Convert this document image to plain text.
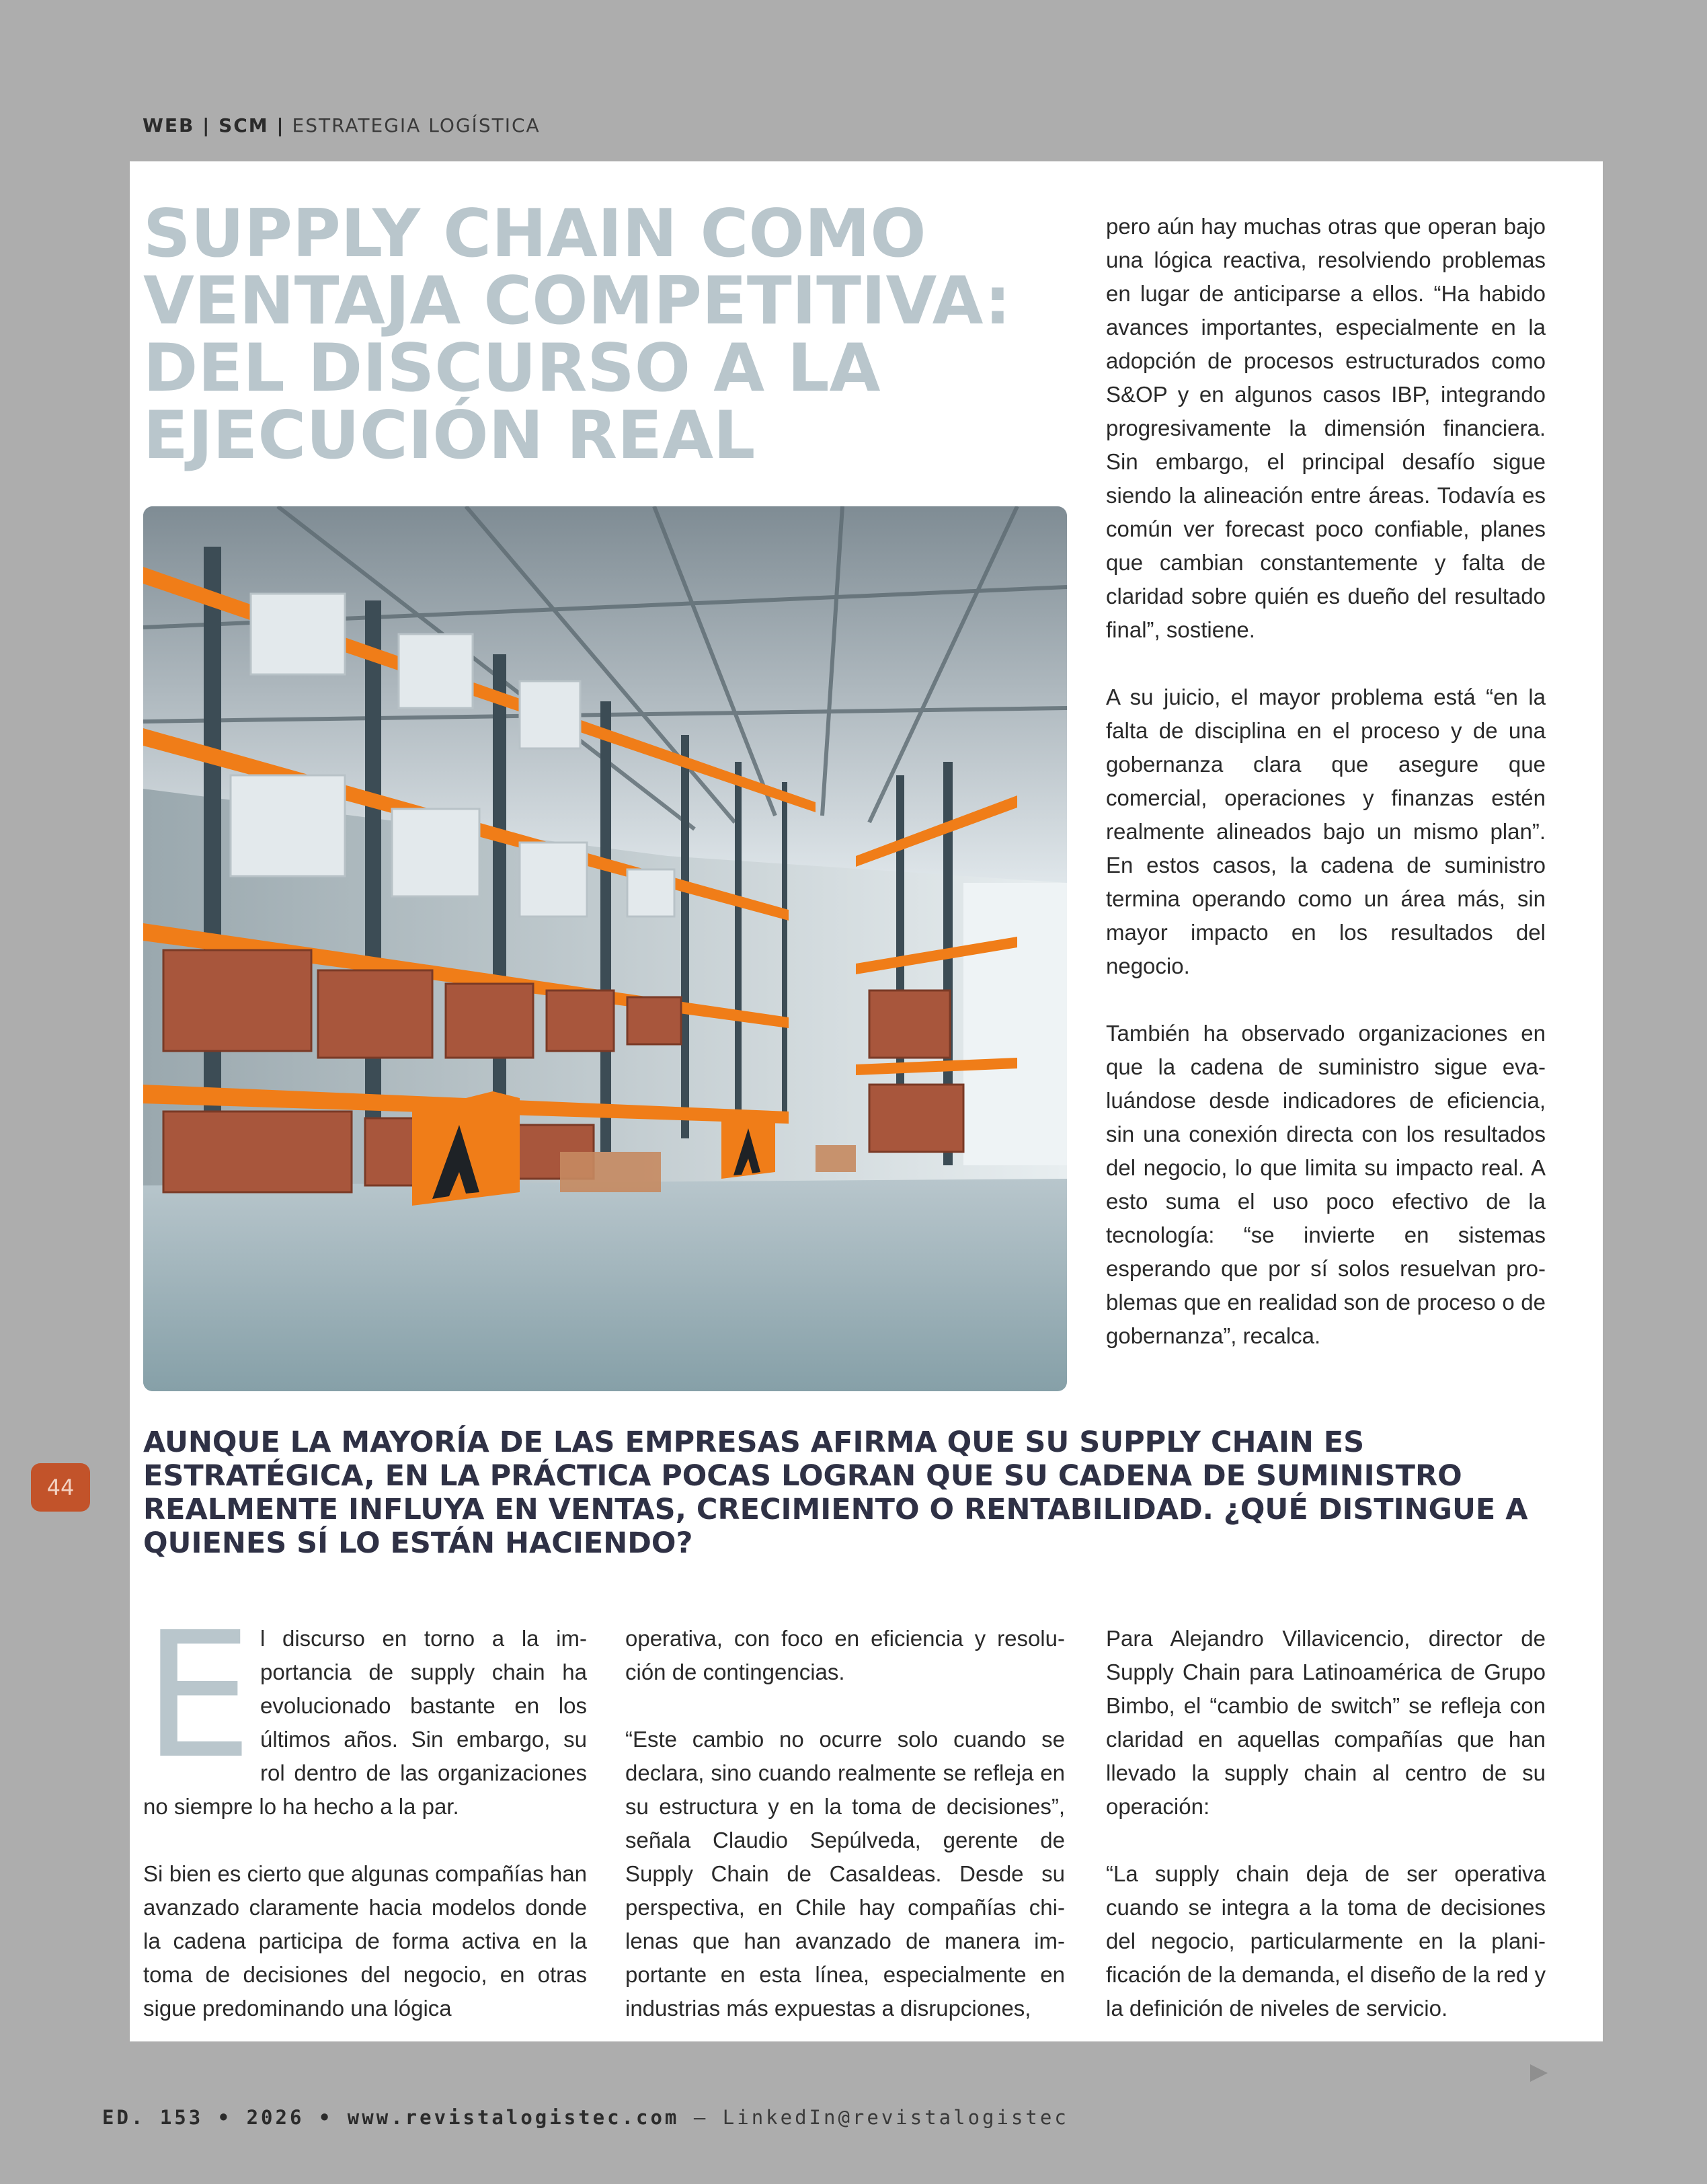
WEB | SCM | ESTRATEGIA LOGÍSTICA
SUPPLY CHAIN COMO
VENTAJA COMPETITIVA:
DEL DISCURSO A LA
EJECUCIÓN REAL

pero aún hay muchas otras que operan bajo una lógica reactiva, resolviendo problemas en lugar de anticiparse a ellos. “Ha habido avances importantes, especialmente en la adopción de procesos estructurados como S&OP y en algunos casos IBP, integrando progresivamente la dimensión financiera. Sin embargo, el principal desafío sigue siendo la alineación entre áreas. Todavía es común ver forecast poco confiable, planes que cambian constantemente y falta de claridad sobre quién es dueño del resultado final”, sostiene.

A su juicio, el mayor problema está “en la falta de disciplina en el proceso y de una gobernanza clara que asegure que comercial, operaciones y finanzas estén realmente alineados bajo un mismo plan”. En estos casos, la cadena de suministro termina operando como un área más, sin mayor impacto en los resultados del negocio.

También ha observado organizaciones en que la cadena de suministro sigue evaluándose desde indicadores de eficiencia, sin una conexión directa con los resultados del negocio, lo que limita su impacto real. A esto suma el uso poco efectivo de la tecnología: “se invierte en sistemas esperando que por sí solos resuelvan problemas que en realidad son de proceso o de gobernanza”, recalca.

AUNQUE LA MAYORÍA DE LAS EMPRESAS AFIRMA QUE SU SUPPLY CHAIN ES
ESTRATÉGICA, EN LA PRÁCTICA POCAS LOGRAN QUE SU CADENA DE SUMINISTRO
REALMENTE INFLUYA EN VENTAS, CRECIMIENTO O RENTABILIDAD. ¿QUÉ DISTINGUE A
QUIENES SÍ LO ESTÁN HACIENDO?

El discurso en torno a la importancia de supply chain ha evolucionado bastante en los últimos años. Sin embargo, su rol dentro de las organizaciones no siempre lo ha hecho a la par.

Si bien es cierto que algunas compañías han avanzado claramente hacia modelos donde la cadena participa de forma activa en la toma de decisiones del negocio, en otras sigue predominando una lógica

operativa, con foco en eficiencia y resolución de contingencias.

“Este cambio no ocurre solo cuando se declara, sino cuando realmente se refleja en su estructura y en la toma de decisiones”, señala Claudio Sepúlveda, gerente de Supply Chain de CasaIdeas. Desde su perspectiva, en Chile hay compañías chilenas que han avanzado de manera importante en esta línea, especialmente en industrias más expuestas a disrupciones,

Para Alejandro Villavicencio, director de Supply Chain para Latinoamérica de Grupo Bimbo, el “cambio de switch” se refleja con claridad en aquellas compañías que han llevado la supply chain al centro de su operación:

“La supply chain deja de ser operativa cuando se integra a la toma de decisiones del negocio, particularmente en la planificación de la demanda, el diseño de la red y la definición de niveles de servicio.

44
ED. 153 • 2026 • www.revistalogistec.com – LinkedIn@revistalogistec
